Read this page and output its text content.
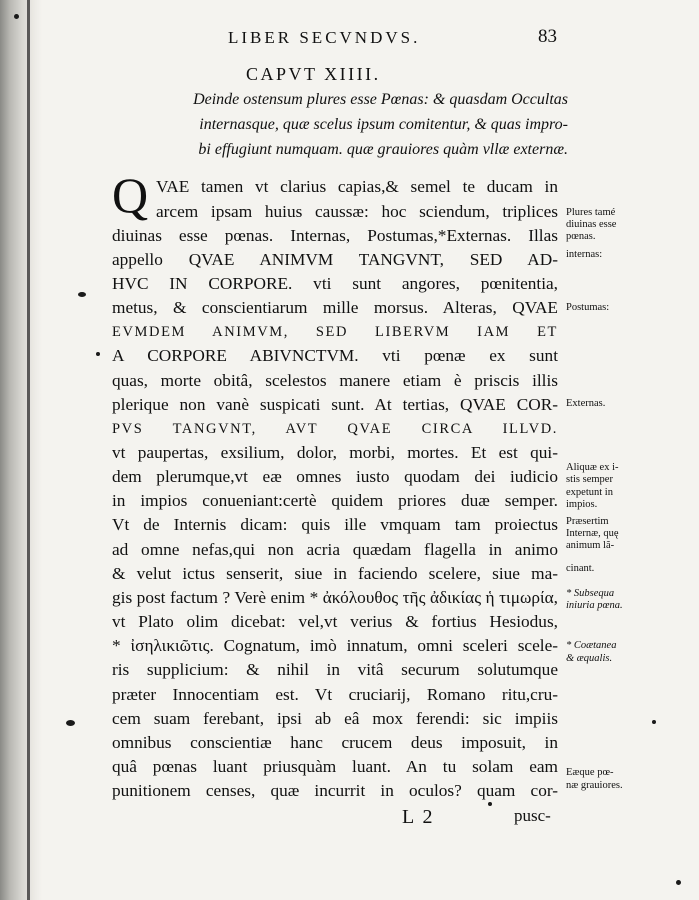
LIBER SECVNDVS.	83
CAPVT XIIII.
Deinde ostensum plures esse Pœnas: & quasdam Occultas
internasque, quæ scelus ipsum comitentur, & quas impro-
bi effugiunt numquam. quæ grauiores quàm vllæ externæ.
Q VAE tamen vt clarius capias,& semel te ducam in
arcem ipsam huius caussæ: hoc sciendum, triplices
diuinas esse pœnas. Internas, Postumas,*Externas. Illas
appello QVAE ANIMVM TANGVNT, SED AD-
HVC IN CORPORE. vti sunt angores, pœnitentia,
metus, & conscientiarum mille morsus. Alteras, QVAE
EVMDEM ANIMVM, SED LIBERVM IAM ET
A CORPORE ABIVNCTVM. vti pœnæ ex sunt
quas, morte obitâ, scelestos manere etiam è priscis illis
plerique non vanè suspicati sunt. At tertias, QVAE COR-
PVS TANGVNT, AVT QVAE CIRCA ILLVD.
vt paupertas, exsilium, dolor, morbi, mortes. Et est qui-
dem plerumque,vt eæ omnes iusto quodam dei iudicio
in impios conueniant:certè quidem priores duæ semper.
Vt de Internis dicam: quis ille vmquam tam proiectus
ad omne nefas,qui non acria quædam flagella in animo
& velut ictus senserit, siue in faciendo scelere, siue ma-
gis post factum ? Verè enim * ἀκόλουθος τῆς ἀδικίας ἡ τιμωρία,
vt Plato olim dicebat: vel,vt verius & fortius Hesiodus,
* ἰσηλικιῶτις. Cognatum, imò innatum, omni sceleri scele-
ris supplicium: & nihil in vitâ securum solutumque
præter Innocentiam est. Vt cruciarij, Romano ritu,cru-
cem suam ferebant, ipsi ab eâ mox ferendi: sic impiis
omnibus conscientiæ hanc crucem deus imposuit, in
quâ pœnas luant priusquàm luant. An tu solam eam
punitionem censes, quæ incurrit in oculos? quam cor-
Plures tamé
diuinas esse
pœnas.
internas:
Postumas:
Externas.
Aliquæ ex i-
stis semper
expetunt in
impios.
Præsertim
Internæ, quę
animum lã-
cinant.
* Subsequa
iniuria pœna.
* Coætanea
& æqualis.
Eæque pœ-
næ grauiores.
L 2	pusc-
